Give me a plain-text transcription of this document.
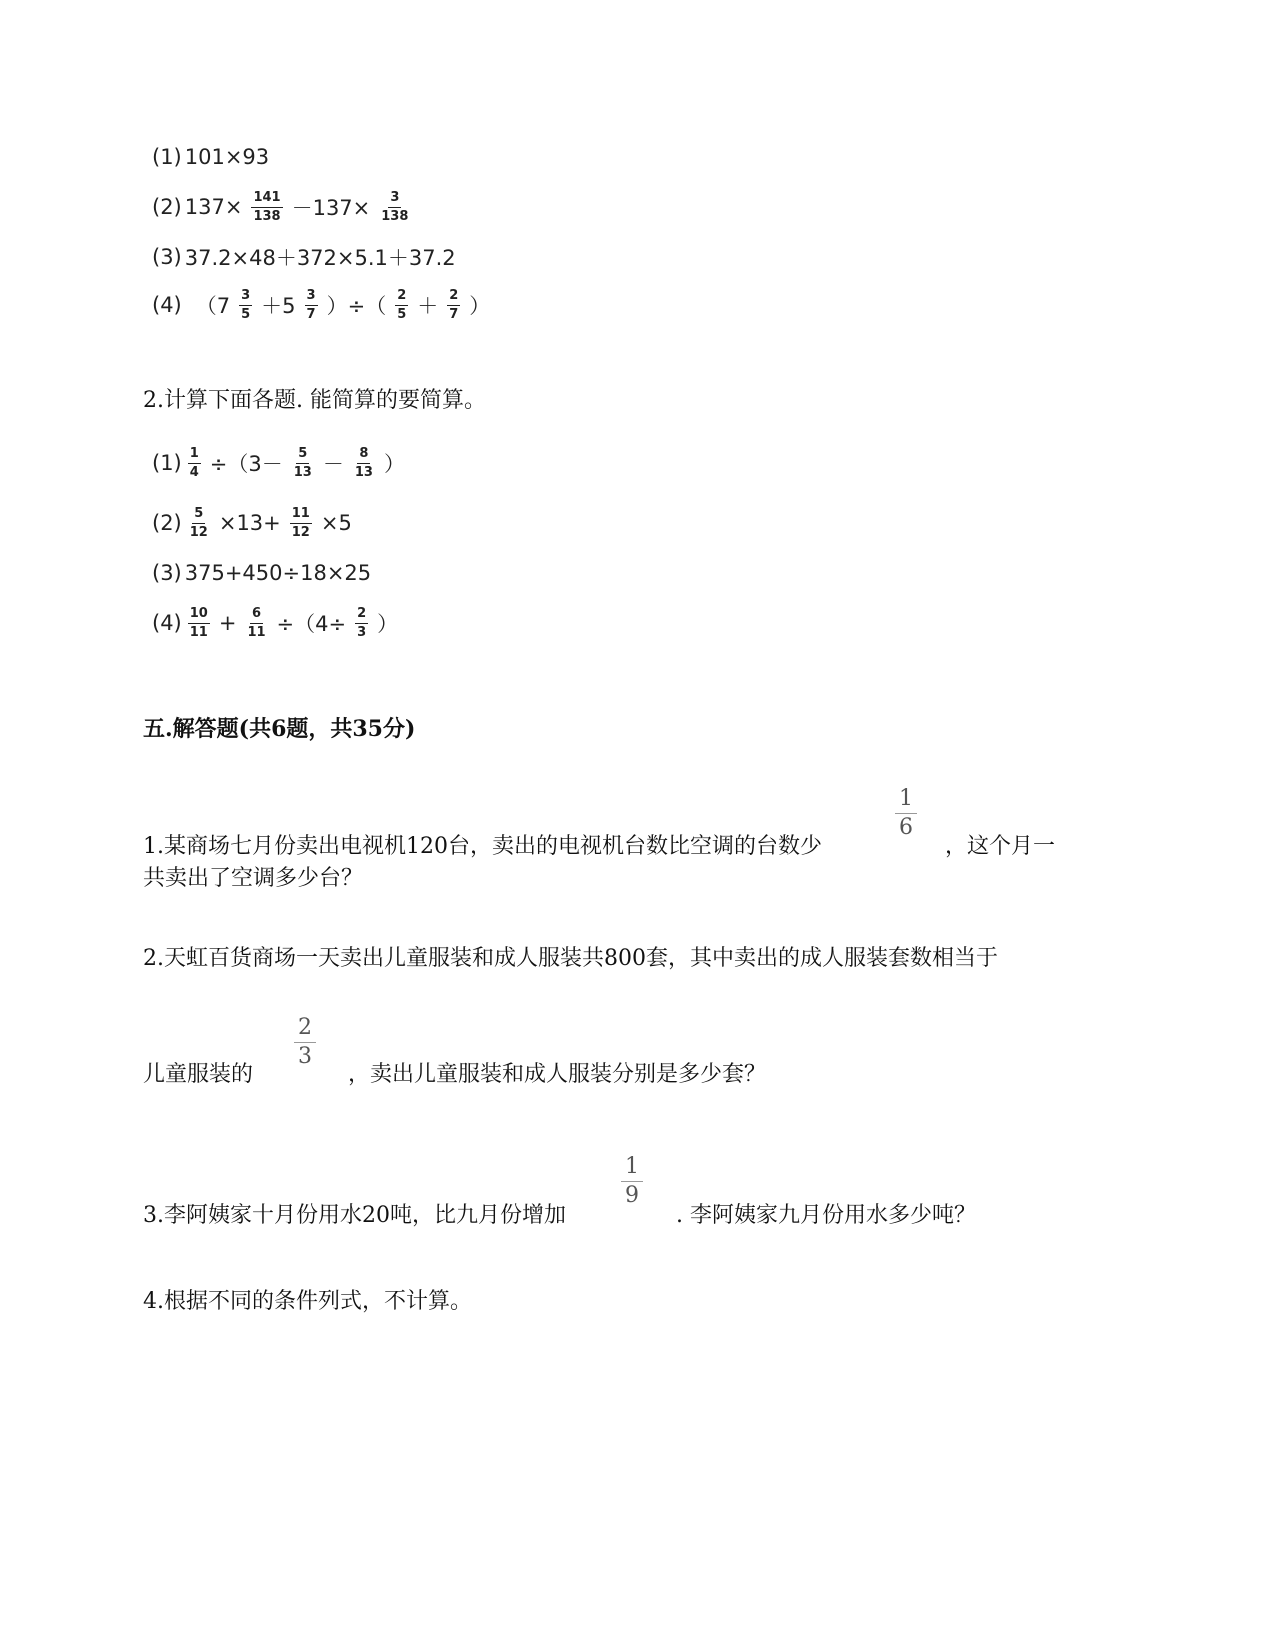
(1) 101×93
(2) $137\times \frac{141}{138} -137\times \frac{3}{138}$
(3) 37.2×48＋372×5.1＋37.2
(4) （$7 \frac{3}{5} +5 \frac{3}{7}$ ）÷（ $\frac{2}{5} + \frac{2}{7}$ ）
2.计算下面各题. 能简算的要简算。
$(1) \frac{1}{4} \div(3- \frac{5}{13} - \frac{8}{13}$ ）
$(2) \frac{5}{12} \times 13+ \frac{11}{12} \times 5$
(3) 375+450÷18×25
$(4) \frac{10}{11} + \frac{6}{11} \div(4\div \frac{2}{3}$ ）
五.解答题(共6题，共35分)
1.某商场七月份卖出电视机120台，卖出的电视机台数比空调的台数少
$\frac{1}{6}$
，这个月一
共卖出了空调多少台？
2.天虹百货商场一天卖出儿童服装和成人服装共800套，其中卖出的成人服装套数相当于
儿童服装的
$\frac{2}{3}$
，卖出儿童服装和成人服装分别是多少套？
3.李阿姨家十月份用水20吨，比九月份增加
$\frac{1}{9}$
. 李阿姨家九月份用水多少吨？
4.根据不同的条件列式，不计算。
